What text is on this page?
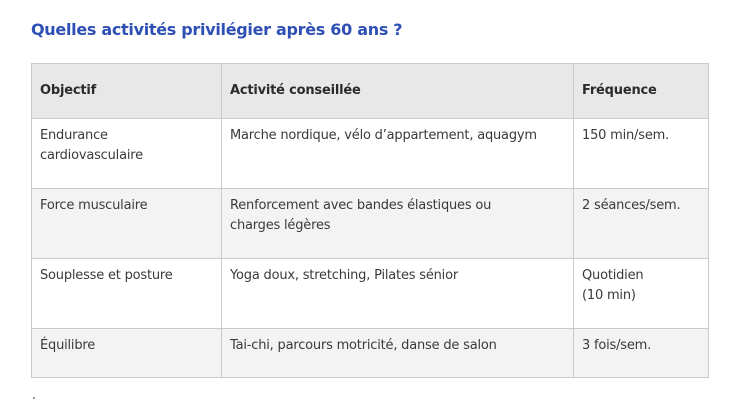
Quelles activités privilégier après 60 ans ?
Objectif	Activité conseillée	Fréquence
Endurance cardiovasculaire	Marche nordique, vélo d’appartement, aquagym	150 min/sem.
Force musculaire	Renforcement avec bandes élastiques ou charges légères	2 séances/sem.
Souplesse et posture	Yoga doux, stretching, Pilates sénior	Quotidien (10 min)
Équilibre	Tai-chi, parcours motricité, danse de salon	3 fois/sem.
